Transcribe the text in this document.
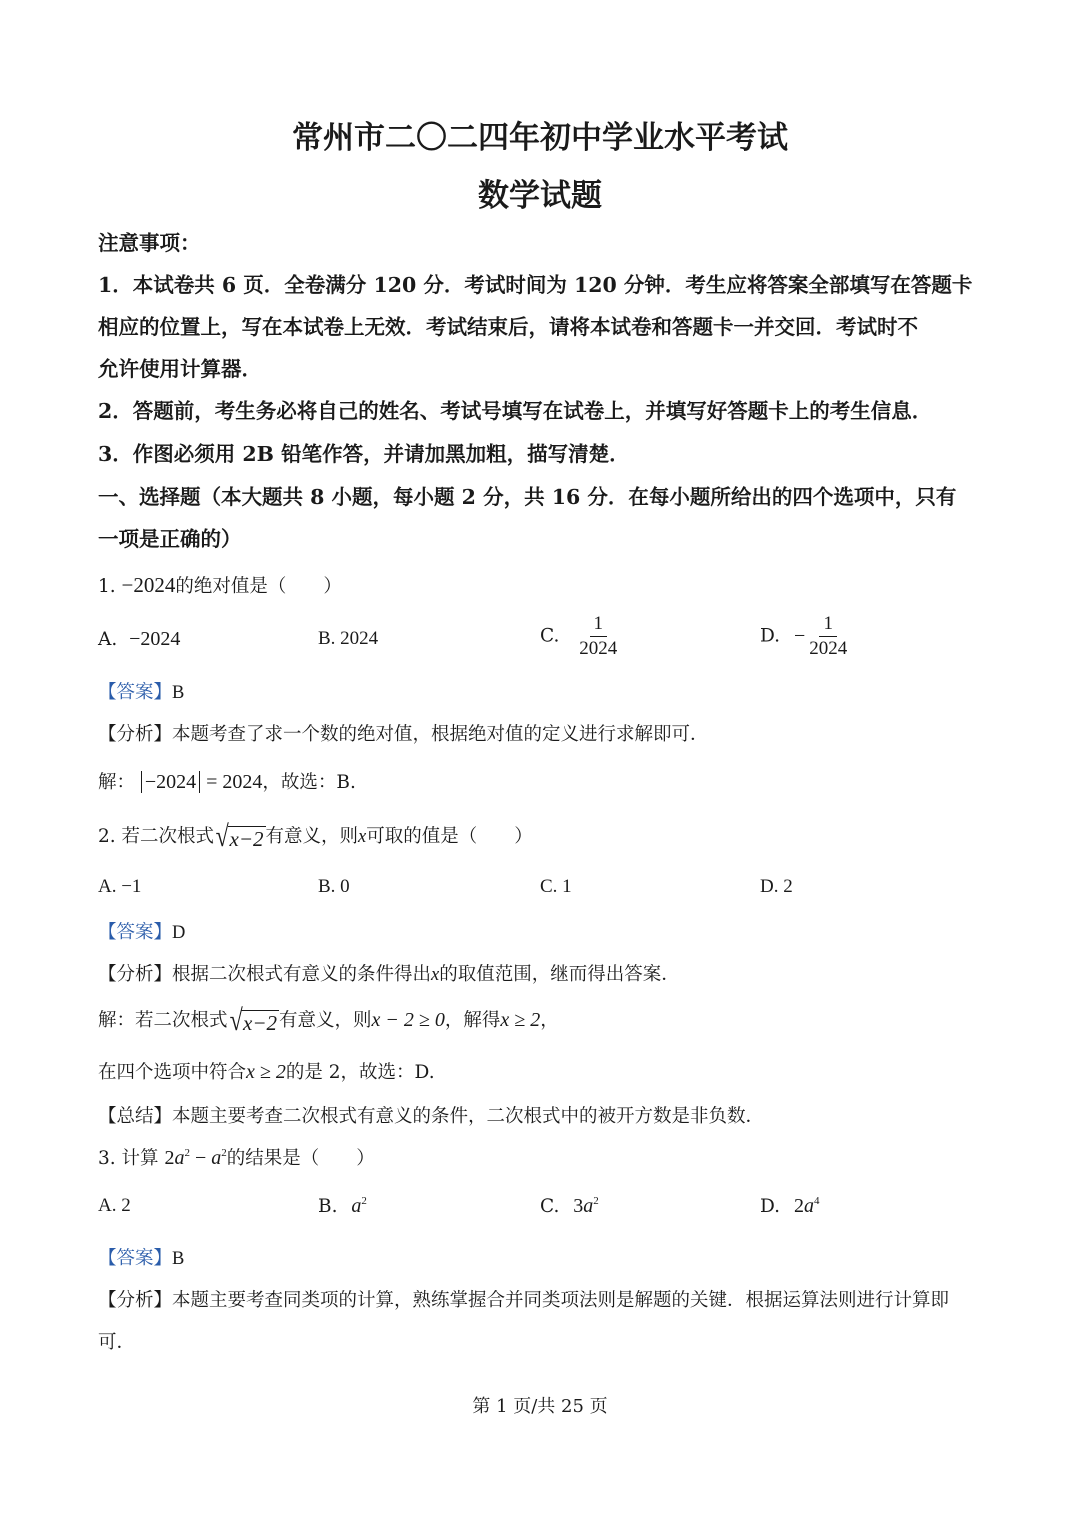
常州市二〇二四年初中学业水平考试
数学试题
注意事项：
1．本试卷共 6 页．全卷满分 120 分．考试时间为 120 分钟．考生应将答案全部填写在答题卡
相应的位置上，写在本试卷上无效．考试结束后，请将本试卷和答题卡一并交回．考试时不
允许使用计算器．
2．答题前，考生务必将自己的姓名、考试号填写在试卷上，并填写好答题卡上的考生信息．
3．作图必须用 2B 铅笔作答，并请加黑加粗，描写清楚．
一、选择题（本大题共 8 小题，每小题 2 分，共 16 分．在每小题所给出的四个选项中，只有
一项是正确的）
1. −2024的绝对值是（　　）
A. −2024	B. 2024	C. $\frac{1}{2024}$	D. − $\frac{1}{2024}$
【答案】B
【分析】本题考查了求一个数的绝对值，根据绝对值的定义进行求解即可．
解： −2024 = 2024，故选：B.
2. 若二次根式 √ x−2 有意义，则x可取的值是（　　）
A. −1	B. 0	C. 1	D. 2
【答案】D
【分析】根据二次根式有意义的条件得出x的取值范围，继而得出答案．
解：若二次根式 √ x−2 有意义，则x − 2 ≥ 0，解得x ≥ 2，
在四个选项中符合x ≥ 2的是 2，故选：D.
【总结】本题主要考查二次根式有意义的条件，二次根式中的被开方数是非负数．
3. 计算 $2a^2 - a^2$的结果是（　　）
A. 2	B. $a^2$	C. $3a^2$	D. $2a^4$
【答案】B
【分析】本题主要考查同类项的计算，熟练掌握合并同类项法则是解题的关键．根据运算法则进行计算即
可．
第 1 页/共 25 页
